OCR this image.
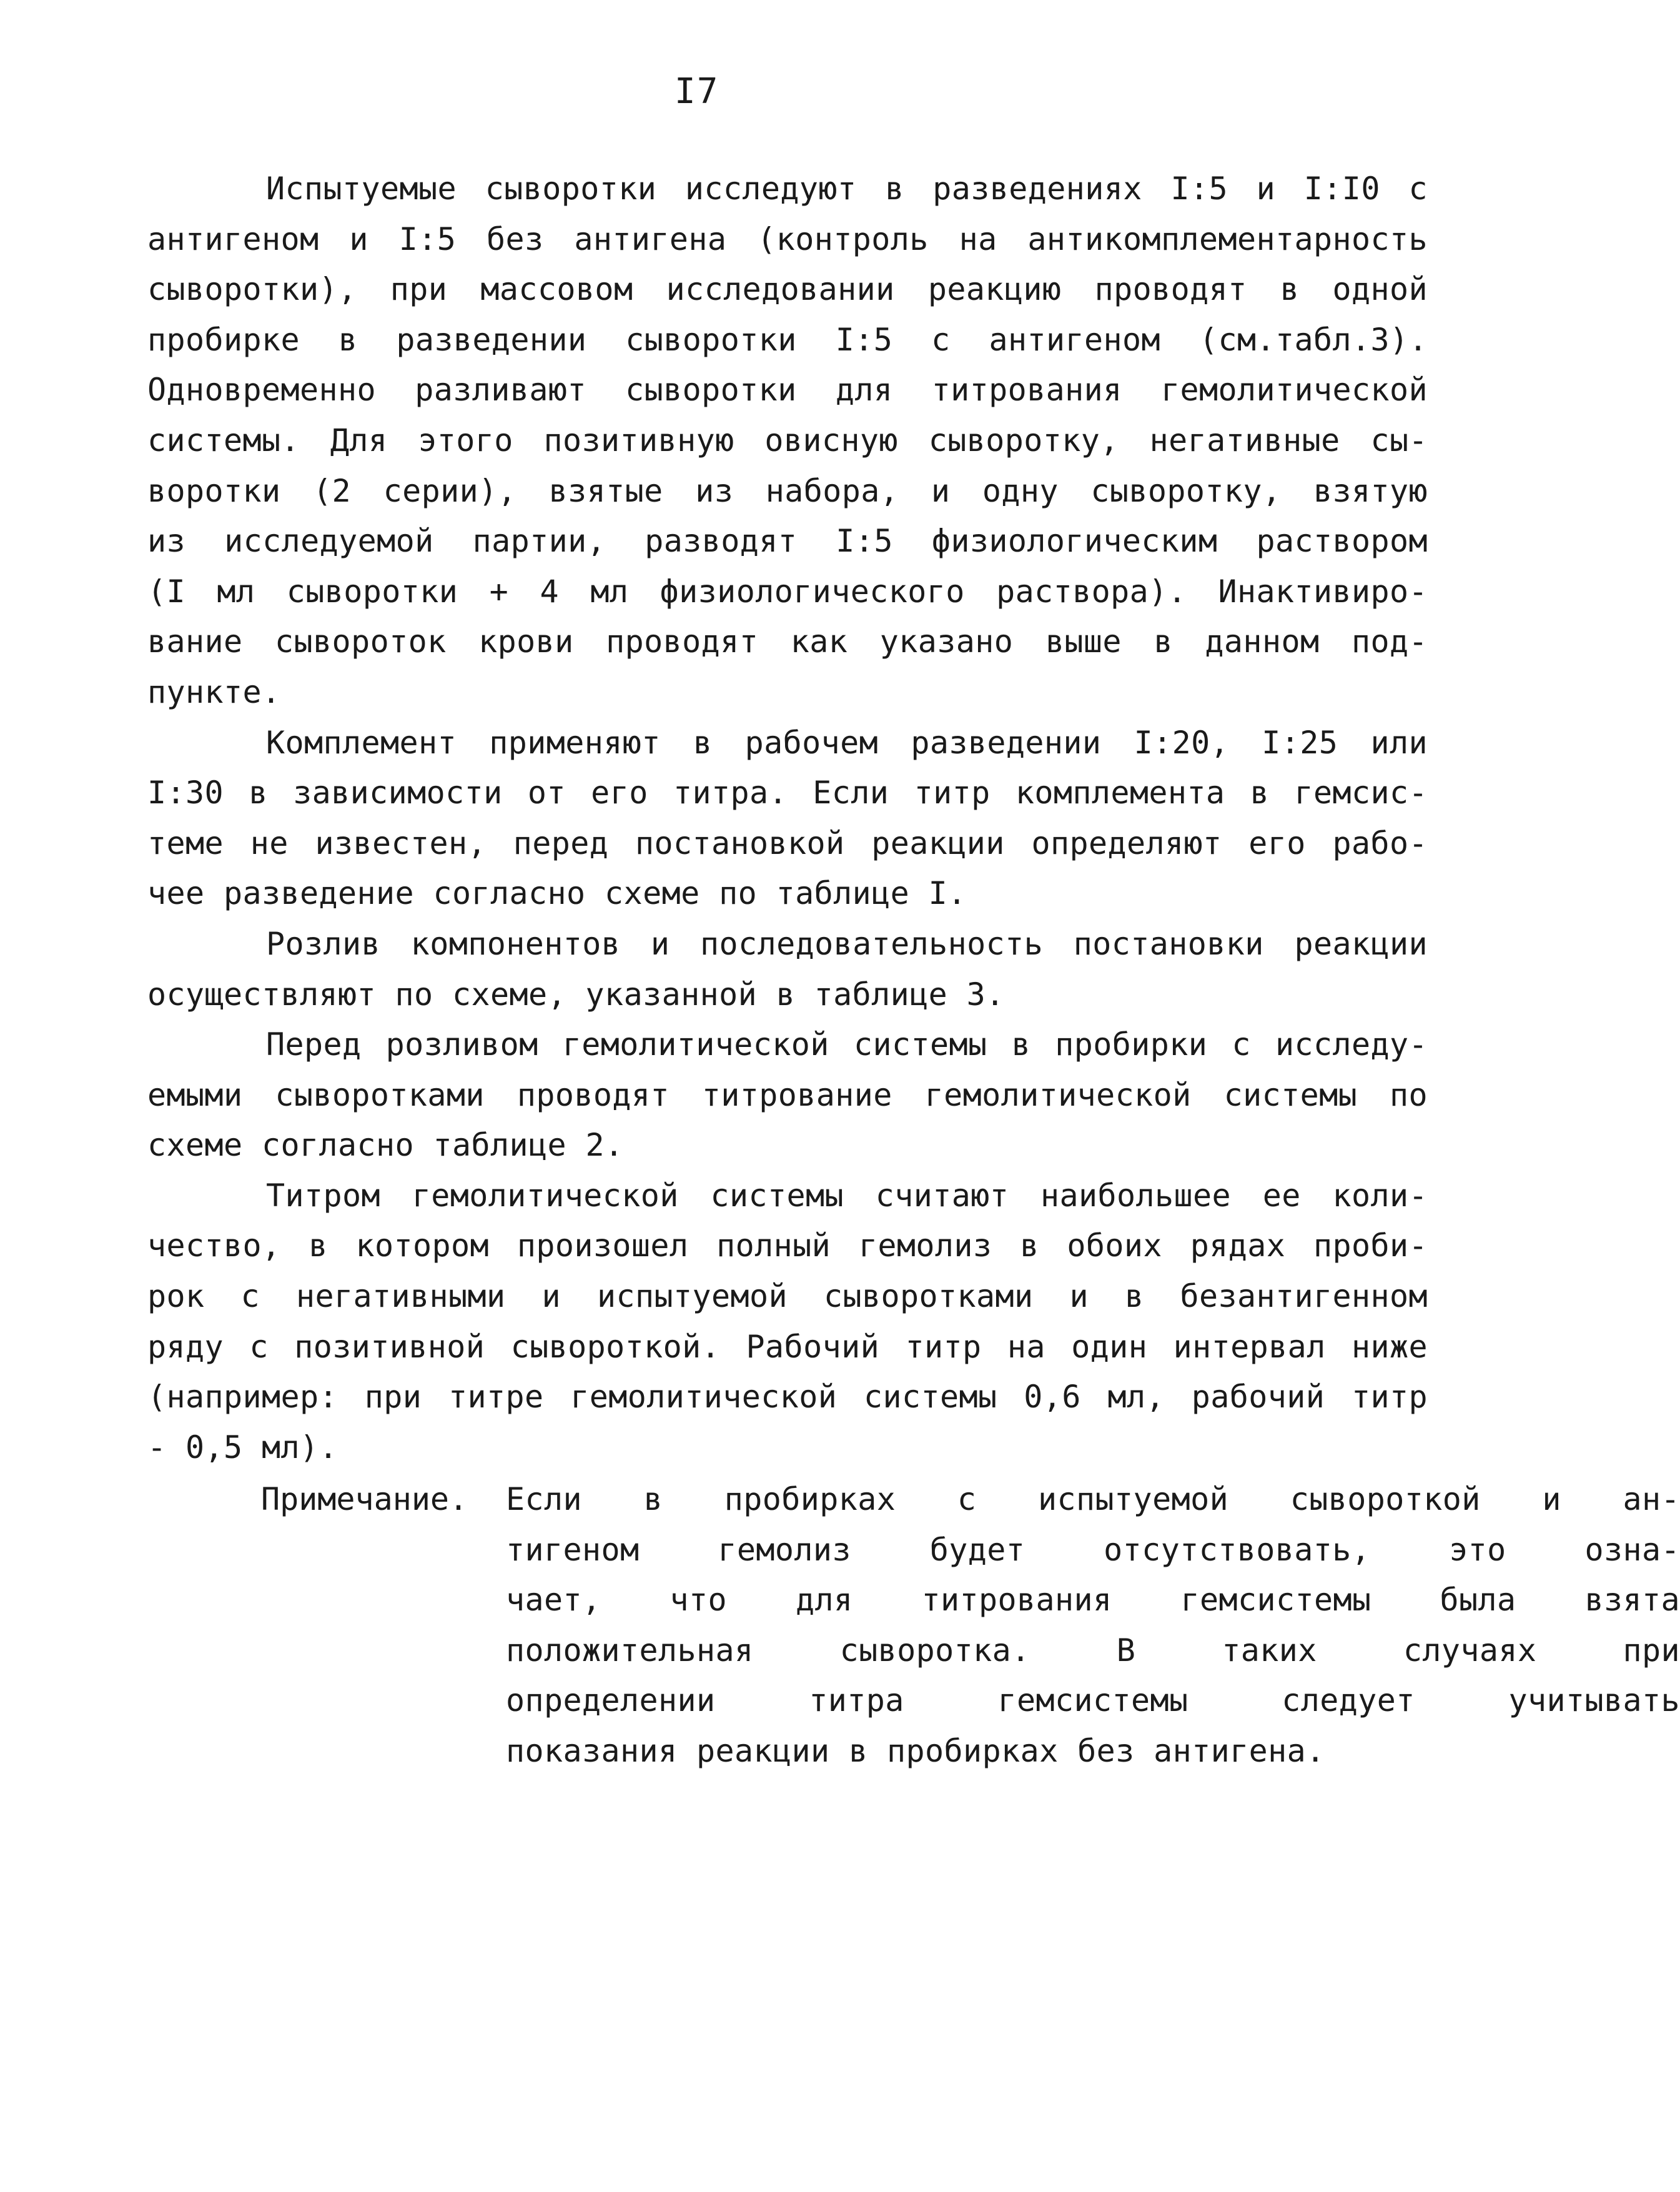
I7
Испытуемые сыворотки исследуют в разведениях I:5 и I:I0 с
антигеном и I:5 без антигена (контроль на антикомплементарность
сыворотки), при массовом исследовании реакцию проводят в одной
пробирке в разведении сыворотки I:5 с антигеном (см.табл.3).
Одновременно разливают сыворотки для титрования гемолитической
системы. Для этого позитивную овисную сыворотку, негативные сы-
воротки (2 серии), взятые из набора, и одну сыворотку, взятую
из исследуемой партии, разводят I:5 физиологическим раствором
(I мл сыворотки + 4 мл физиологического раствора). Инактивиро-
вание сывороток крови проводят как указано выше в данном под-
пункте.
Комплемент применяют в рабочем разведении I:20, I:25 или
I:30 в зависимости от его титра. Если титр комплемента в гемсис-
теме не известен, перед постановкой реакции определяют его рабо-
чее разведение согласно схеме по таблице I.
Розлив компонентов и последовательность постановки реакции
осуществляют по схеме, указанной в таблице 3.
Перед розливом гемолитической системы в пробирки с исследу-
емыми сыворотками проводят титрование гемолитической системы по
схеме согласно таблице 2.
Титром гемолитической системы считают наибольшее ее коли-
чество, в котором произошел полный гемолиз в обоих рядах проби-
рок с негативными и испытуемой сыворотками и в безантигенном
ряду с позитивной сывороткой. Рабочий титр на один интервал ниже
(например: при титре гемолитической системы 0,6 мл, рабочий титр
- 0,5 мл).
Примечание. Если в пробирках с испытуемой сывороткой и ан-
тигеном гемолиз будет отсутствовать, это озна-
чает, что для титрования гемсистемы была взята
положительная сыворотка. В таких случаях при
определении титра гемсистемы следует учитывать
показания реакции в пробирках без антигена.
